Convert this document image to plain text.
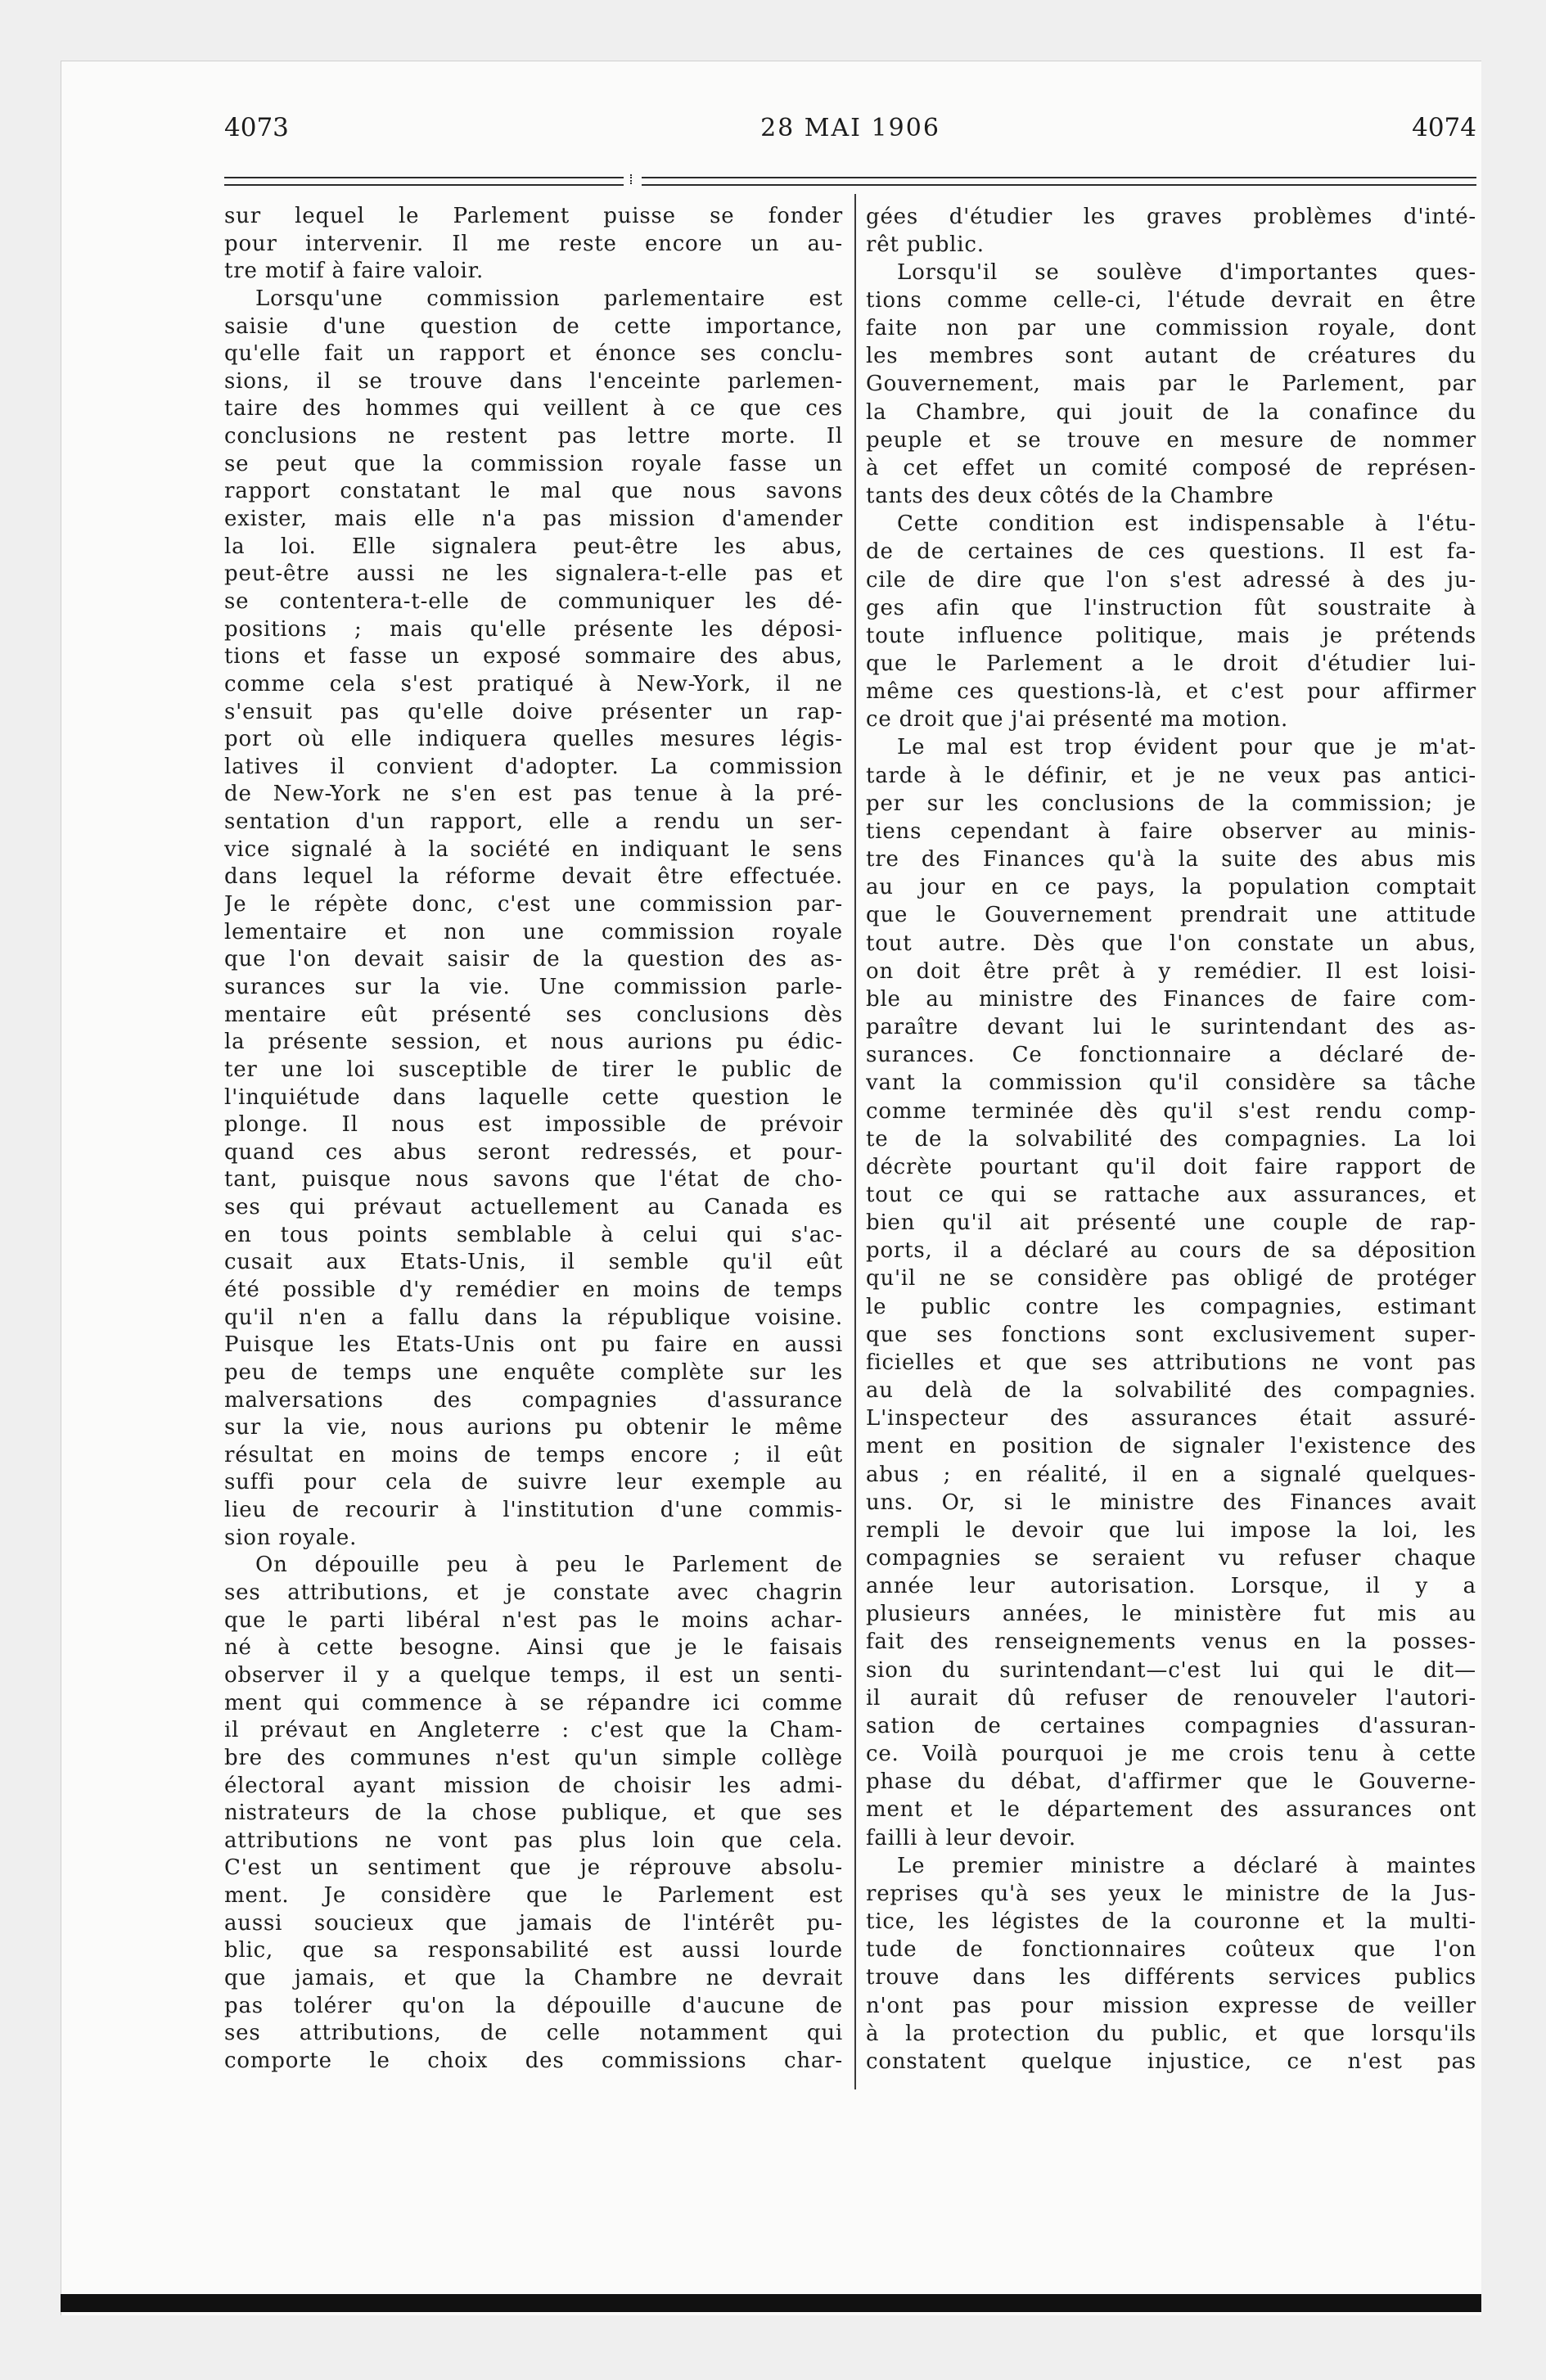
4073	28 MAI 1906	4074
sur lequel le Parlement puisse se fonder
pour intervenir. Il me reste encore un au-
tre motif à faire valoir.
Lorsqu'une commission parlementaire est
saisie d'une question de cette importance,
qu'elle fait un rapport et énonce ses conclu-
sions, il se trouve dans l'enceinte parlemen-
taire des hommes qui veillent à ce que ces
conclusions ne restent pas lettre morte. Il
se peut que la commission royale fasse un
rapport constatant le mal que nous savons
exister, mais elle n'a pas mission d'amender
la loi. Elle signalera peut-être les abus,
peut-être aussi ne les signalera-t-elle pas et
se contentera-t-elle de communiquer les dé-
positions ; mais qu'elle présente les déposi-
tions et fasse un exposé sommaire des abus,
comme cela s'est pratiqué à New-York, il ne
s'ensuit pas qu'elle doive présenter un rap-
port où elle indiquera quelles mesures légis-
latives il convient d'adopter. La commission
de New-York ne s'en est pas tenue à la pré-
sentation d'un rapport, elle a rendu un ser-
vice signalé à la société en indiquant le sens
dans lequel la réforme devait être effectuée.
Je le répète donc, c'est une commission par-
lementaire et non une commission royale
que l'on devait saisir de la question des as-
surances sur la vie. Une commission parle-
mentaire eût présenté ses conclusions dès
la présente session, et nous aurions pu édic-
ter une loi susceptible de tirer le public de
l'inquiétude dans laquelle cette question le
plonge. Il nous est impossible de prévoir
quand ces abus seront redressés, et pour-
tant, puisque nous savons que l'état de cho-
ses qui prévaut actuellement au Canada es
en tous points semblable à celui qui s'ac-
cusait aux Etats-Unis, il semble qu'il eût
été possible d'y remédier en moins de temps
qu'il n'en a fallu dans la république voisine.
Puisque les Etats-Unis ont pu faire en aussi
peu de temps une enquête complète sur les
malversations des compagnies d'assurance
sur la vie, nous aurions pu obtenir le même
résultat en moins de temps encore ; il eût
suffi pour cela de suivre leur exemple au
lieu de recourir à l'institution d'une commis-
sion royale.
On dépouille peu à peu le Parlement de
ses attributions, et je constate avec chagrin
que le parti libéral n'est pas le moins achar-
né à cette besogne. Ainsi que je le faisais
observer il y a quelque temps, il est un senti-
ment qui commence à se répandre ici comme
il prévaut en Angleterre : c'est que la Cham-
bre des communes n'est qu'un simple collège
électoral ayant mission de choisir les admi-
nistrateurs de la chose publique, et que ses
attributions ne vont pas plus loin que cela.
C'est un sentiment que je réprouve absolu-
ment. Je considère que le Parlement est
aussi soucieux que jamais de l'intérêt pu-
blic, que sa responsabilité est aussi lourde
que jamais, et que la Chambre ne devrait
pas tolérer qu'on la dépouille d'aucune de
ses attributions, de celle notamment qui
comporte le choix des commissions char-
gées d'étudier les graves problèmes d'inté-
rêt public.
Lorsqu'il se soulève d'importantes ques-
tions comme celle-ci, l'étude devrait en être
faite non par une commission royale, dont
les membres sont autant de créatures du
Gouvernement, mais par le Parlement, par
la Chambre, qui jouit de la conafince du
peuple et se trouve en mesure de nommer
à cet effet un comité composé de représen-
tants des deux côtés de la Chambre
Cette condition est indispensable à l'étu-
de de certaines de ces questions. Il est fa-
cile de dire que l'on s'est adressé à des ju-
ges afin que l'instruction fût soustraite à
toute influence politique, mais je prétends
que le Parlement a le droit d'étudier lui-
même ces questions-là, et c'est pour affirmer
ce droit que j'ai présenté ma motion.
Le mal est trop évident pour que je m'at-
tarde à le définir, et je ne veux pas antici-
per sur les conclusions de la commission; je
tiens cependant à faire observer au minis-
tre des Finances qu'à la suite des abus mis
au jour en ce pays, la population comptait
que le Gouvernement prendrait une attitude
tout autre. Dès que l'on constate un abus,
on doit être prêt à y remédier. Il est loisi-
ble au ministre des Finances de faire com-
paraître devant lui le surintendant des as-
surances. Ce fonctionnaire a déclaré de-
vant la commission qu'il considère sa tâche
comme terminée dès qu'il s'est rendu comp-
te de la solvabilité des compagnies. La loi
décrète pourtant qu'il doit faire rapport de
tout ce qui se rattache aux assurances, et
bien qu'il ait présenté une couple de rap-
ports, il a déclaré au cours de sa déposition
qu'il ne se considère pas obligé de protéger
le public contre les compagnies, estimant
que ses fonctions sont exclusivement super-
ficielles et que ses attributions ne vont pas
au delà de la solvabilité des compagnies.
L'inspecteur des assurances était assuré-
ment en position de signaler l'existence des
abus ; en réalité, il en a signalé quelques-
uns. Or, si le ministre des Finances avait
rempli le devoir que lui impose la loi, les
compagnies se seraient vu refuser chaque
année leur autorisation. Lorsque, il y a
plusieurs années, le ministère fut mis au
fait des renseignements venus en la posses-
sion du surintendant—c'est lui qui le dit—
il aurait dû refuser de renouveler l'autori-
sation de certaines compagnies d'assuran-
ce. Voilà pourquoi je me crois tenu à cette
phase du débat, d'affirmer que le Gouverne-
ment et le département des assurances ont
failli à leur devoir.
Le premier ministre a déclaré à maintes
reprises qu'à ses yeux le ministre de la Jus-
tice, les légistes de la couronne et la multi-
tude de fonctionnaires coûteux que l'on
trouve dans les différents services publics
n'ont pas pour mission expresse de veiller
à la protection du public, et que lorsqu'ils
constatent quelque injustice, ce n'est pas
